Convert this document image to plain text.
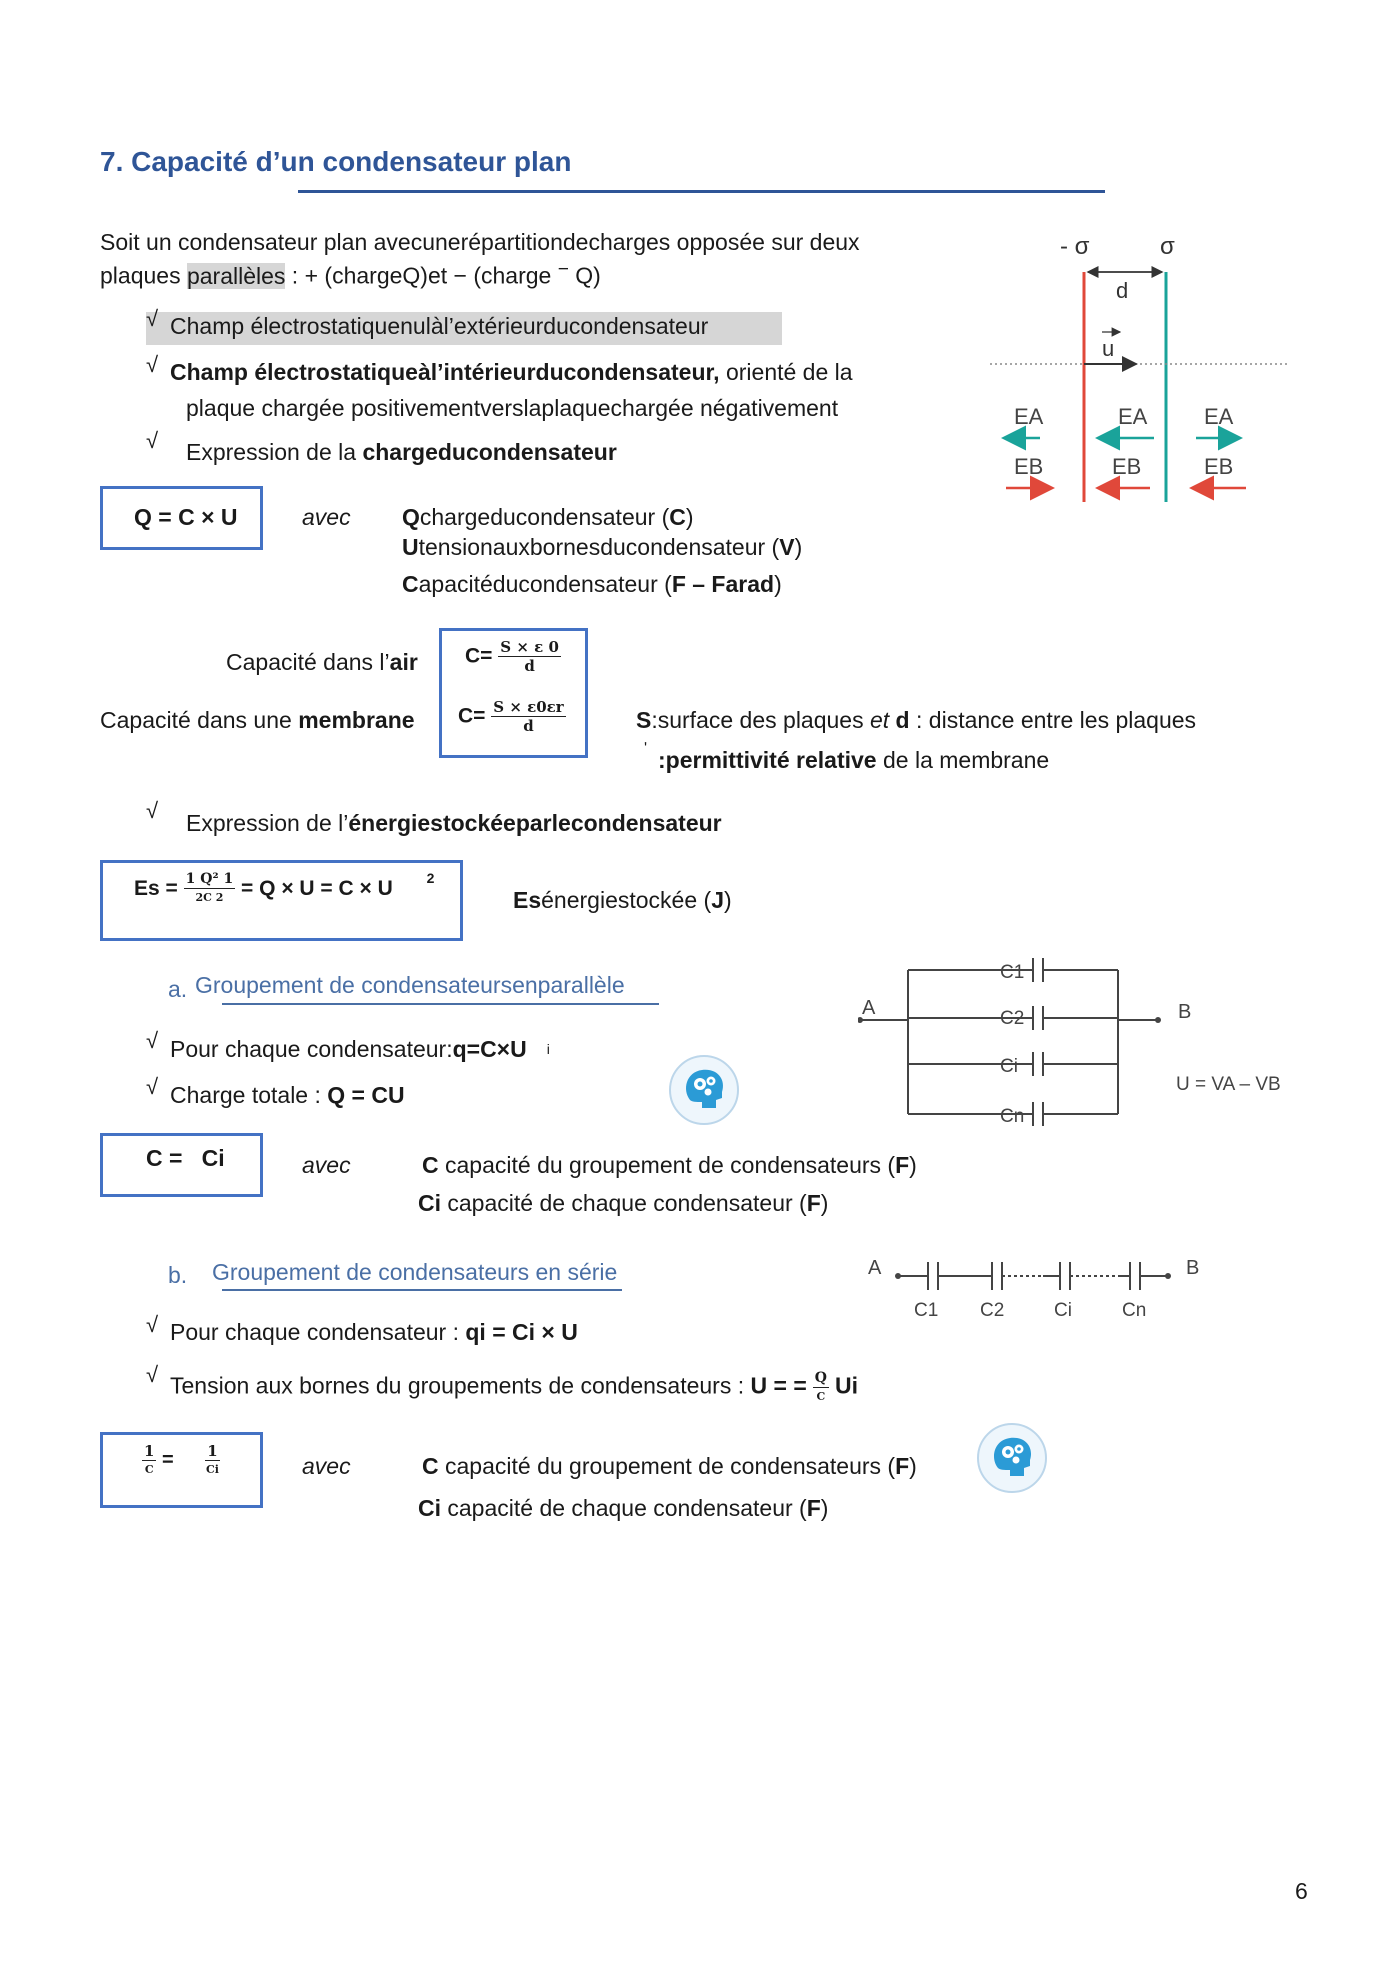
7. Capacité d’un condensateur plan
Soit un condensateur plan avecunerépartitiondecharges opposée sur deux
plaques parallèles : + (chargeQ)et − (charge − Q)
√ Champ électrostatiquenulàl’extérieurducondensateur
√ Champ électrostatiqueàl’intérieurducondensateur, orienté de la
plaque chargée positivementverslaplaquechargée négativement
√ Expression de la chargeducondensateur
Q = C × U	avec Qchargeducondensateur (C)
Utensionauxbornesducondensateur (V)
Capacitéducondensateur (F – Farad)
Capacité dans l’air
Capacité dans une membrane
$C= \frac{S \times \varepsilon 0}{d}$
$C= \frac{S \times \varepsilon 0\varepsilon r}{d}$	S:surface des plaques et d : distance entre les plaques
ʹ :permittivité relative de la membrane
√ Expression de l’énergiestockéeparlecondensateur
$Es = \frac{\text{1 Q² 1}}{2C 2} = Q \times U = C \times U$ 2
Esénergiestockée (J)
a. Groupement de condensateursenparallèle
√ Pour chaque condensateur:q=C×U $^i$
√ Charge totale : Q = CU
A	B
C1
C2
Ci
Cn
U = VA – VB
C = Ci	avec	C capacité du groupement de condensateurs (F)
Ci capacité de chaque condensateur (F)
b. Groupement de condensateurs en série	A	B
C1 C2	Ci	Cn
√ Pour chaque condensateur : qi = Ci × U
√ Tension aux bornes du groupements de condensateurs : U = = $\frac{Q}{C}$ Ui
$\frac{1}{C} = \frac{1}{Ci}$	avec	C capacité du groupement de condensateurs (F)
Ci capacité de chaque condensateur (F)
- σ	σ
d
u
EA	EA	EA
EB	EB	EB
6
